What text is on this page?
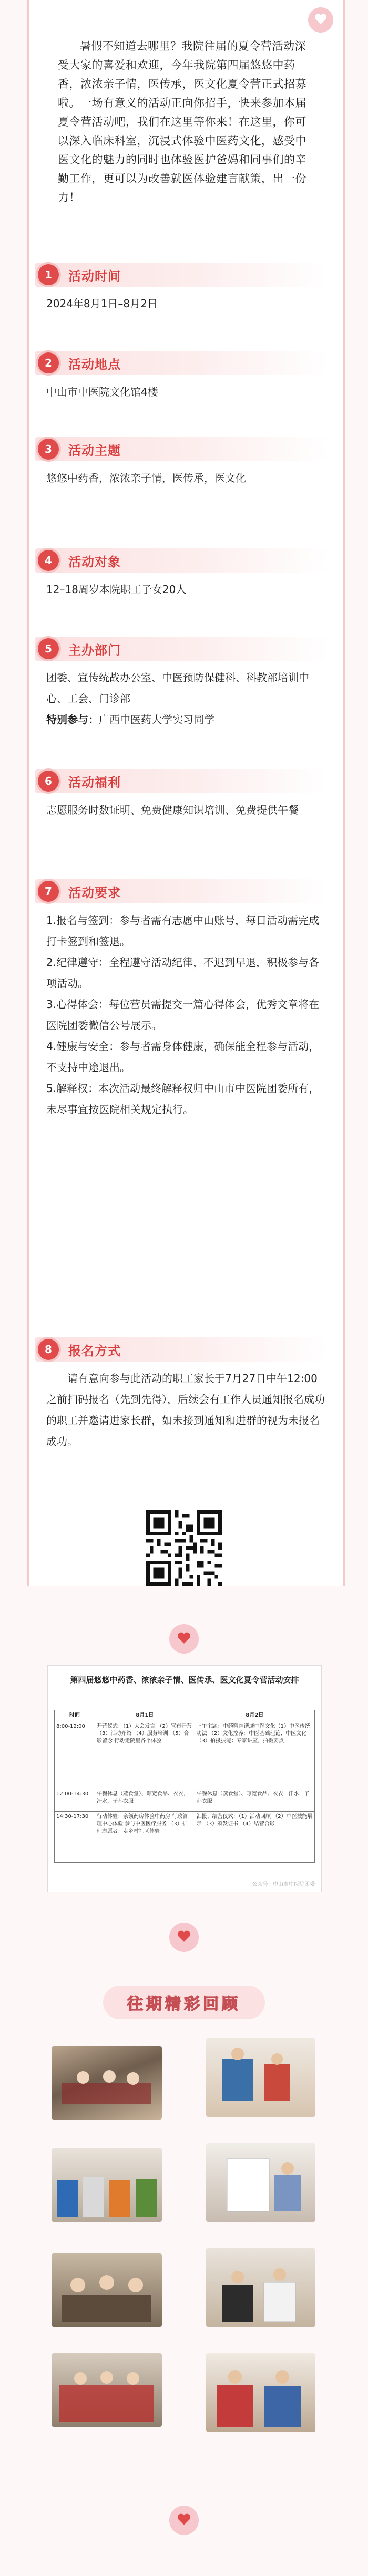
暑假不知道去哪里？我院往届的夏令营活动深受大家的喜爱和欢迎，今年我院第四届悠悠中药香，浓浓亲子情，医传承，医文化夏令营正式招募啦。一场有意义的活动正向你招手，快来参加本届夏令营活动吧，我们在这里等你来！在这里，你可以深入临床科室，沉浸式体验中医药文化，感受中医文化的魅力的同时也体验医护爸妈和同事们的辛勤工作，更可以为改善就医体验建言献策，出一份力！
1	活动时间

2024年8月1日–8月2日

2	活动地点

中山市中医院文化馆4楼

3	活动主题

悠悠中药香，浓浓亲子情，医传承，医文化

4	活动对象

12–18周岁本院职工子女20人

5	主办部门

团委、宣传统战办公室、中医预防保健科、科教部培训中心、工会、门诊部

特别参与：广西中医药大学实习同学

6	活动福利

志愿服务时数证明、免费健康知识培训、免费提供午餐

7	活动要求

1.报名与签到：参与者需有志愿中山账号，每日活动需完成打卡签到和签退。

2.纪律遵守：全程遵守活动纪律，不迟到早退，积极参与各项活动。

3.心得体会：每位营员需提交一篇心得体会，优秀文章将在医院团委微信公号展示。

4.健康与安全：参与者需身体健康，确保能全程参与活动，不支持中途退出。

5.解释权：本次活动最终解释权归中山市中医院团委所有，未尽事宜按医院相关规定执行。

8	报名方式

请有意向参与此活动的职工家长于7月27日中午12:00之前扫码报名（先到先得），后续会有工作人员通知报名成功的职工并邀请进家长群，如未接到通知和进群的视为未报名成功。

第四届悠悠中药香、浓浓亲子情、医传承、医文化夏令营活动安排
时间	8月1日	8月2日
8:00-12:00	开营仪式：（1）大会发言 （2）宣布开营 （3）活动介绍 （4）服务培训 （5）合影留念 行动走院里各个体验	上午主题：中药精神谱迹中医文化（1）中医传统功法 （2）文化控养：中医基础理论、中医文化 （3）拍摄技能：专家讲座，拍摄要点
12:00-14:30	午餐休息（蒸食堂）、晾宽食品、衣衣，汗水，子孙衣服	午餐休息（蒸食堂）、晾宽食品、衣衣，汗水，子孙衣服
14:30-17:30	行动体验：亲领药房体验中药房 行政管理中心体验 参与中医医疗服务 （3）护理志愿者：走乡村社区体验	汇报、结营仪式：（1）活动回顾 （2）中医技能展示 （3）颁发证书 （4）结营合影
公众号 · 中山市中医院团委
往期精彩回顾
